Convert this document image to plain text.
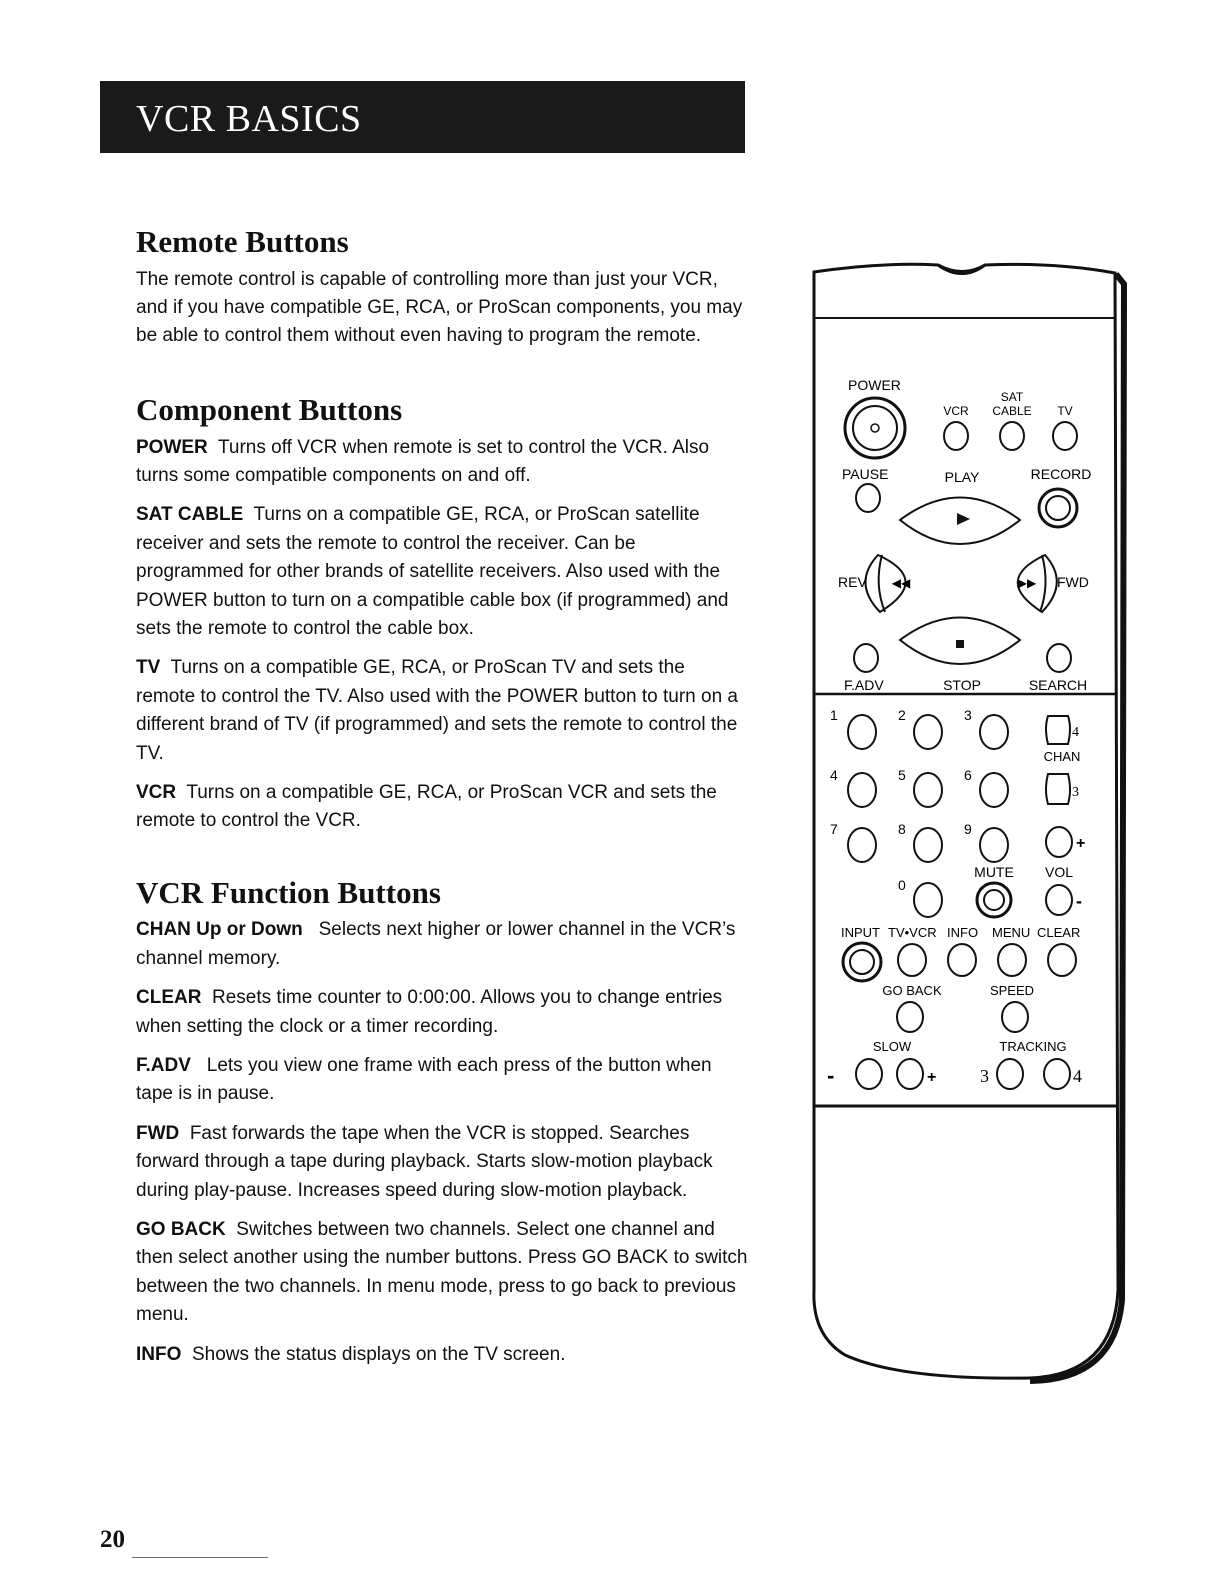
VCR BASICS
Remote Buttons

The remote control is capable of controlling more than just your VCR, and if you have compatible GE, RCA, or ProScan components, you may be able to control them without even having to program the remote.

Component Buttons

POWER Turns off VCR when remote is set to control the VCR. Also turns some compatible components on and off.

SAT CABLE Turns on a compatible GE, RCA, or ProScan satellite receiver and sets the remote to control the receiver. Can be programmed for other brands of satellite receivers. Also used with the POWER button to turn on a compatible cable box (if programmed) and sets the remote to control the cable box.

TV Turns on a compatible GE, RCA, or ProScan TV and sets the remote to control the TV. Also used with the POWER button to turn on a different brand of TV (if programmed) and sets the remote to control the TV.

VCR Turns on a compatible GE, RCA, or ProScan VCR and sets the remote to control the VCR.

VCR Function Buttons

CHAN Up or Down Selects next higher or lower channel in the VCR’s channel memory.

CLEAR Resets time counter to 0:00:00. Allows you to change entries when setting the clock or a timer recording.

F.ADV Lets you view one frame with each press of the button when tape is in pause.

FWD Fast forwards the tape when the VCR is stopped. Searches forward through a tape during playback. Starts slow-motion playback during play-pause. Increases speed during slow-motion playback.

GO BACK Switches between two channels. Select one channel and then select another using the number buttons. Press GO BACK to switch between the two channels. In menu mode, press to go back to previous menu.

INFO Shows the status displays on the TV screen.

POWER
SAT
VCR CABLE TV
PAUSE	PLAY	RECORD
◀◀
REV	▶▶ FWD
F.ADV	STOP	SEARCH
1	2	3
4
CHAN
4	5	6
3
7	8	9
+
MUTE VOL
0
-
INPUT TV•VCR INFO MENU CLEAR
GO BACK	SPEED
SLOW	TRACKING
-	+ 3	4
20
